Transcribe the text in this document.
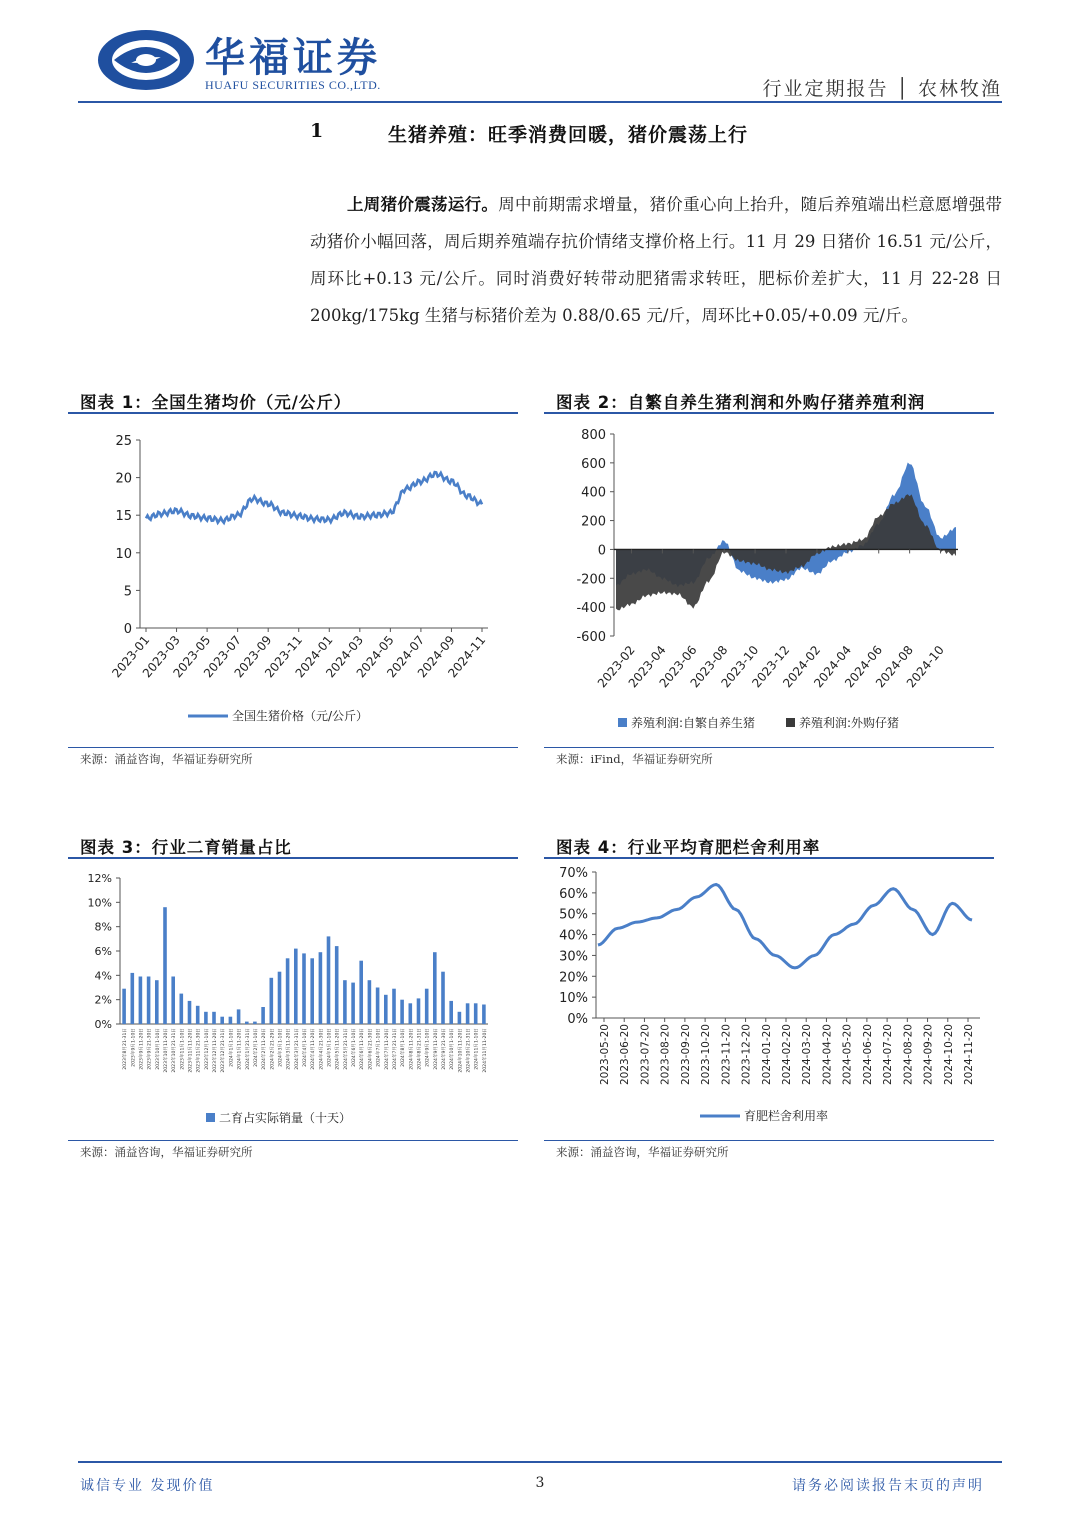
华福证券
HUAFU SECURITIES CO.,LTD.	行业定期报告 │ 农林牧渔
1	生猪养殖：旺季消费回暖，猪价震荡上行
上周猪价震荡运行。周中前期需求增量，猪价重心向上抬升，随后养殖端出栏意愿增强带动猪价小幅回落，周后期养殖端存抗价情绪支撑价格上行。11 月 29 日猪价 16.51 元/公斤，周环比+0.13 元/公斤。同时消费好转带动肥猪需求转旺，肥标价差扩大，11 月 22-28 日 200kg/175kg 生猪与标猪价差为 0.88/0.65 元/斤，周环比+0.05/+0.09 元/斤。
图表 1：全国生猪均价（元/公斤）	图表 2：自繁自养生猪利润和外购仔猪养殖利润
来源：涌益咨询，华福证券研究所	来源：iFind，华福证券研究所
图表 3：行业二育销量占比	图表 4：行业平均育肥栏舍利用率
来源：涌益咨询，华福证券研究所	来源：涌益咨询，华福证券研究所
0
5
10
15
20
25
2023-01
2023-03
2023-05
2023-07
2023-09
2023-11
2024-01
2024-03
2024-05
2024-07
2024-09
2024-11
全国生猪价格（元/公斤）
-600
-400
-200
0
200
400
600
800
2023-02
2023-04
2023-06
2023-08
2023-10
2023-12
2024-02
2024-04
2024-06
2024-08
2024-10
养殖利润:自繁自养生猪	养殖利润:外购仔猪
0%
2%
4%
6%
8%
10%
12%
2023年8月21-31日 2023年9月1-10日 2023年9月11-20日 2023年9月21-30日 2023年10月1-10日 2023年10月11-20日 2023年10月21-31日 2023年11月1-10日 2023年11月11-20日 2023年11月21-30日 2023年12月1-10日 2023年12月11-20日 2023年12月21-31日 2024年1月1-10日 2024年1月11-20日 2024年1月21-31日 2024年2月1-10日 2024年2月11-20日 2024年2月21-29日 2024年3月1-10日 2024年3月11-20日 2024年3月21-31日 2024年4月1-10日 2024年4月11-20日 2024年4月21-30日 2024年5月1-10日 2024年5月11-20日 2024年5月21-31日 2024年6月1-10日 2024年6月11-20日 2024年6月21-30日 2024年7月1-10日 2024年7月11-20日 2024年7月21-31日 2024年8月1-10日 2024年8月11-20日 2024年8月21-31日 2024年9月1-10日 2024年9月11-20日 2024年9月21-30日 2024年10月1-10日 2024年10月11-20日 2024年10月21-31日 2024年11月1-10日 2024年11月11-20日
二育占实际销量（十天）
0%
10%
20%
30%
40%
50%
60%
70%
2023-05-20 2023-06-20 2023-07-20 2023-08-20 2023-09-20 2023-10-20 2023-11-20 2023-12-20 2024-01-20 2024-02-20 2024-03-20 2024-04-20 2024-05-20 2024-06-20 2024-07-20 2024-08-20 2024-09-20 2024-10-20 2024-11-20
育肥栏舍利用率
诚信专业 发现价值	3	请务必阅读报告末页的声明
